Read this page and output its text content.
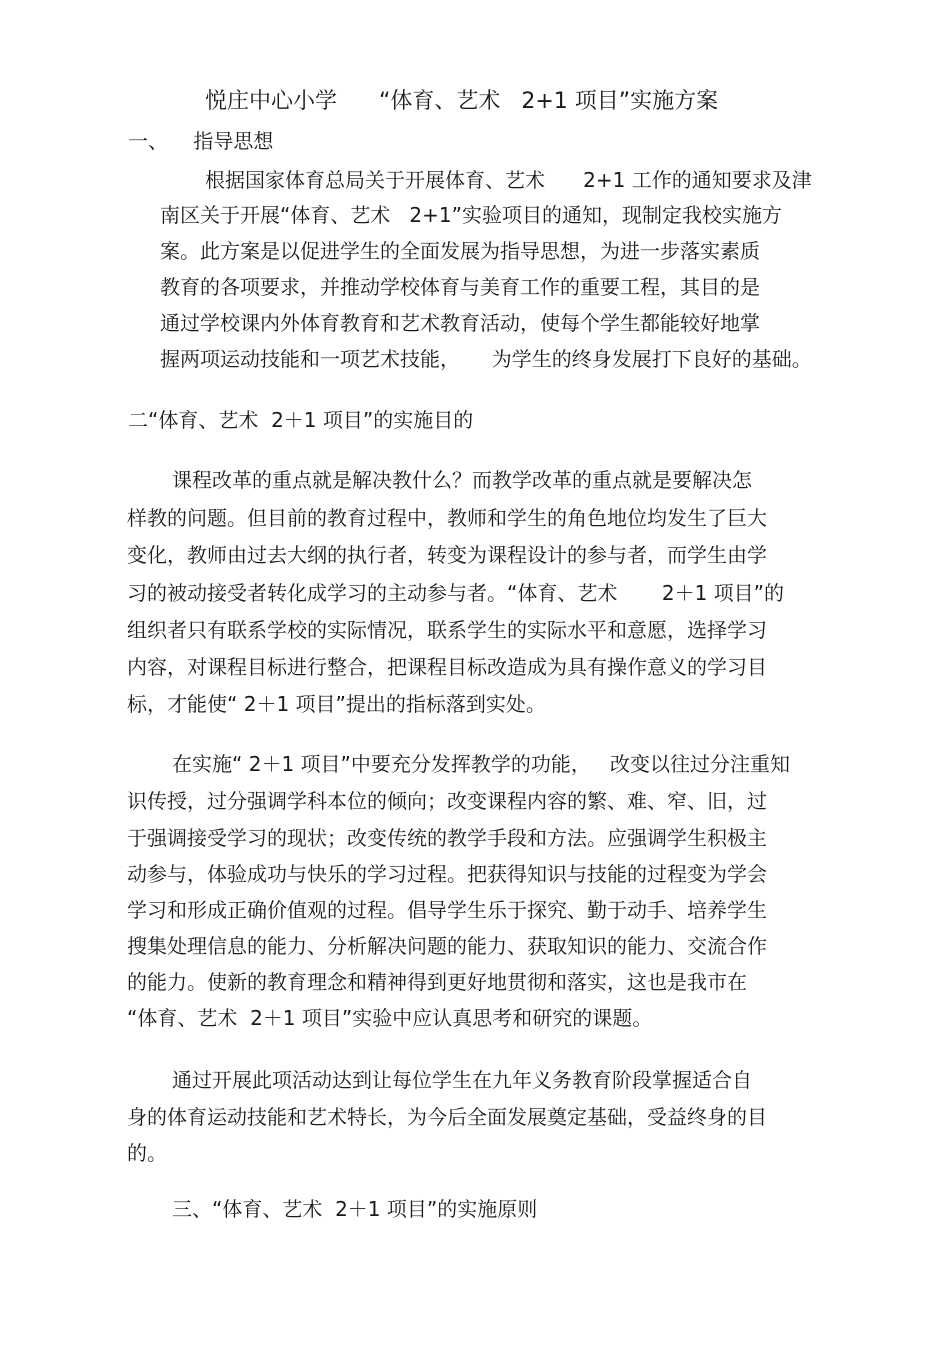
悦庄中心小学      “体育、艺术   2+1 项目”实施方案
一、    指导思想
根据国家体育总局关于开展体育、艺术      2+1 工作的通知要求及津
南区关于开展“体育、艺术   2+1”实验项目的通知，现制定我校实施方
案。此方案是以促进学生的全面发展为指导思想，为进一步落实素质
教育的各项要求，并推动学校体育与美育工作的重要工程，其目的是
通过学校课内外体育教育和艺术教育活动，使每个学生都能较好地掌
握两项运动技能和一项艺术技能，     为学生的终身发展打下良好的基础。
二“体育、艺术  2＋1 项目”的实施目的
课程改革的重点就是解决教什么？而教学改革的重点就是要解决怎
样教的问题。但目前的教育过程中，教师和学生的角色地位均发生了巨大
变化，教师由过去大纲的执行者，转变为课程设计的参与者，而学生由学
习的被动接受者转化成学习的主动参与者。“体育、艺术       2＋1 项目”的
组织者只有联系学校的实际情况，联系学生的实际水平和意愿，选择学习
内容，对课程目标进行整合，把课程目标改造成为具有操作意义的学习目
标，才能使“ 2＋1 项目”提出的指标落到实处。
在实施“ 2＋1 项目”中要充分发挥教学的功能，   改变以往过分注重知
识传授，过分强调学科本位的倾向；改变课程内容的繁、难、窄、旧，过
于强调接受学习的现状；改变传统的教学手段和方法。应强调学生积极主
动参与，体验成功与快乐的学习过程。把获得知识与技能的过程变为学会
学习和形成正确价值观的过程。倡导学生乐于探究、勤于动手、培养学生
搜集处理信息的能力、分析解决问题的能力、获取知识的能力、交流合作
的能力。使新的教育理念和精神得到更好地贯彻和落实，这也是我市在
“体育、艺术  2＋1 项目”实验中应认真思考和研究的课题。
通过开展此项活动达到让每位学生在九年义务教育阶段掌握适合自
身的体育运动技能和艺术特长，为今后全面发展奠定基础，受益终身的目
的。
三、“体育、艺术  2＋1 项目”的实施原则
